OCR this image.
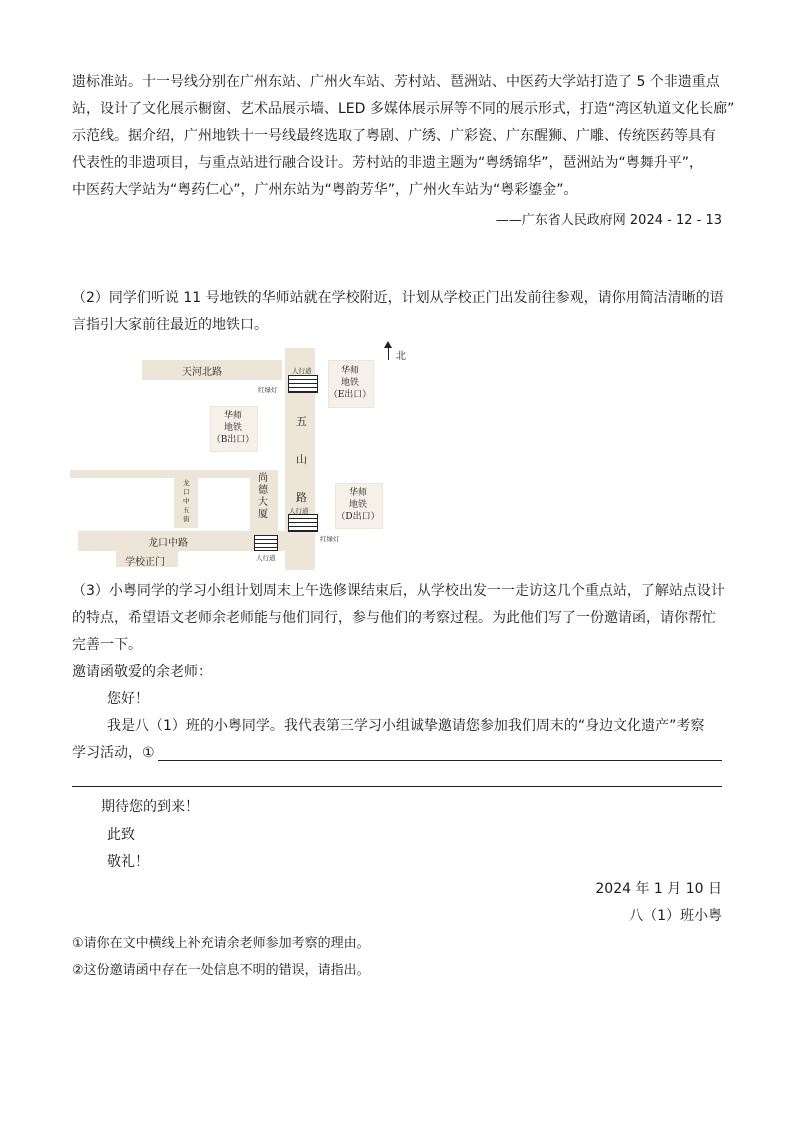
遗标准站。十一号线分别在广州东站、广州火车站、芳村站、琶洲站、中医药大学站打造了 5 个非遗重点
站，设计了文化展示橱窗、艺术品展示墙、LED 多媒体展示屏等不同的展示形式，打造“湾区轨道文化长廊”
示范线。据介绍，广州地铁十一号线最终选取了粤剧、广绣、广彩瓷、广东醒狮、广雕、传统医药等具有
代表性的非遗项目，与重点站进行融合设计。芳村站的非遗主题为“粤绣锦华”，琶洲站为“粤舞升平”，
中医药大学站为“粤药仁心”，广州东站为“粤韵芳华”，广州火车站为“粤彩鎏金”。
——广东省人民政府网 2024 - 12 - 13
（2）同学们听说 11 号地铁的华师站就在学校附近，计划从学校正门出发前往参观，请你用简洁清晰的语
言指引大家前往最近的地铁口。
天河北路
五
山
路
龙
口
中
五
街
尚
德
大
厦
龙口中路
学校正门
华师
地铁
（E出口）
华师
地铁
（B出口）
华师
地铁
（D出口）
人行道
红绿灯
人行道
红绿灯
人行道
北
（3）小粤同学的学习小组计划周末上午选修课结束后，从学校出发一一走访这几个重点站，了解站点设计
的特点，希望语文老师余老师能与他们同行，参与他们的考察过程。为此他们写了一份邀请函，请你帮忙
完善一下。
邀请函敬爱的余老师：
您好！
我是八（1）班的小粤同学。我代表第三学习小组诚挚邀请您参加我们周末的“身边文化遗产”考察
学习活动，①
期待您的到来！
此致
敬礼！
2024 年 1 月 10 日
八（1）班小粤
①请你在文中横线上补充请余老师参加考察的理由。
②这份邀请函中存在一处信息不明的错误，请指出。
